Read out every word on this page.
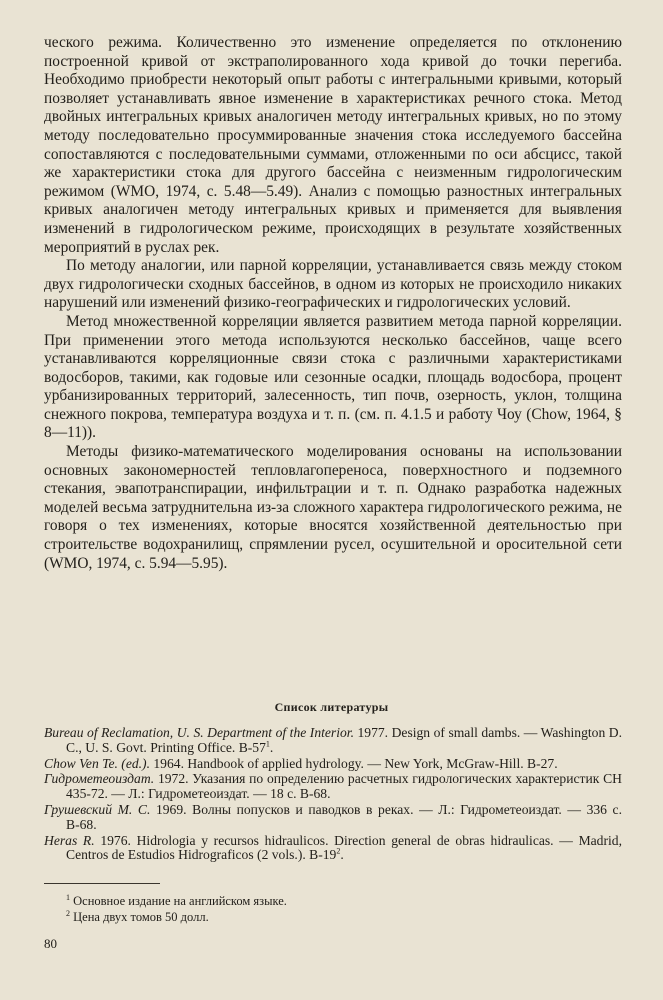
ческого режима. Количественно это изменение определяется по отклонению построенной кривой от экстраполированного хода кривой до точки перегиба. Необходимо приобрести некоторый опыт работы с интегральными кривыми, который позволяет устанавливать явное изменение в характеристиках речного стока. Метод двойных интегральных кривых аналогичен методу интегральных кривых, но по этому методу последовательно просуммированные значения стока исследуемого бассейна сопоставляются с последовательными суммами, отложенными по оси абсцисс, такой же характеристики стока для другого бассейна с неизменным гидрологическим режимом (WMO, 1974, с. 5.48—5.49). Анализ с помощью разностных интегральных кривых аналогичен методу интегральных кривых и применяется для выявления изменений в гидрологическом режиме, происходящих в результате хозяйственных мероприятий в руслах рек.

По методу аналогии, или парной корреляции, устанавливается связь между стоком двух гидрологически сходных бассейнов, в одном из которых не происходило никаких нарушений или изменений физико-географических и гидрологических условий.

Метод множественной корреляции является развитием метода парной корреляции. При применении этого метода используются несколько бассейнов, чаще всего устанавливаются корреляционные связи стока с различными характеристиками водосборов, такими, как годовые или сезонные осадки, площадь водосбора, процент урбанизированных территорий, залесенность, тип почв, озерность, уклон, толщина снежного покрова, температура воздуха и т. п. (см. п. 4.1.5 и работу Чоу (Chow, 1964, § 8—11)).

Методы физико-математического моделирования основаны на использовании основных закономерностей тепловлагопереноса, поверхностного и подземного стекания, эвапотранспирации, инфильтрации и т. п. Однако разработка надежных моделей весьма затруднительна из-за сложного характера гидрологического режима, не говоря о тех изменениях, которые вносятся хозяйственной деятельностью при строительстве водохранилищ, спрямлении русел, осушительной и оросительной сети (WMO, 1974, с. 5.94—5.95).

Список литературы

Bureau of Reclamation, U. S. Department of the Interior. 1977. Design of small dambs. — Washington D. C., U. S. Govt. Printing Office. $B-57^1$.

Chow Ven Te. (ed.). 1964. Handbook of applied hydrology. — New York, McGraw-Hill. B-27.

Гидрометеоиздат. 1972. Указания по определению расчетных гидрологических характеристик СН 435-72. — Л.: Гидрометеоиздат. — 18 с. В-68.

Грушевский М. С. 1969. Волны попусков и паводков в реках. — Л.: Гидрометеоиздат. — 336 с. В-68.

Heras R. 1976. Hidrologia y recursos hidraulicos. Direction general de obras hidraulicas. — Madrid, Centros de Estudios Hidrograficos (2 vols.). $B-19^2$.

$^1$ Основное издание на английском языке.
$^2$ Цена двух томов 50 долл.
80
